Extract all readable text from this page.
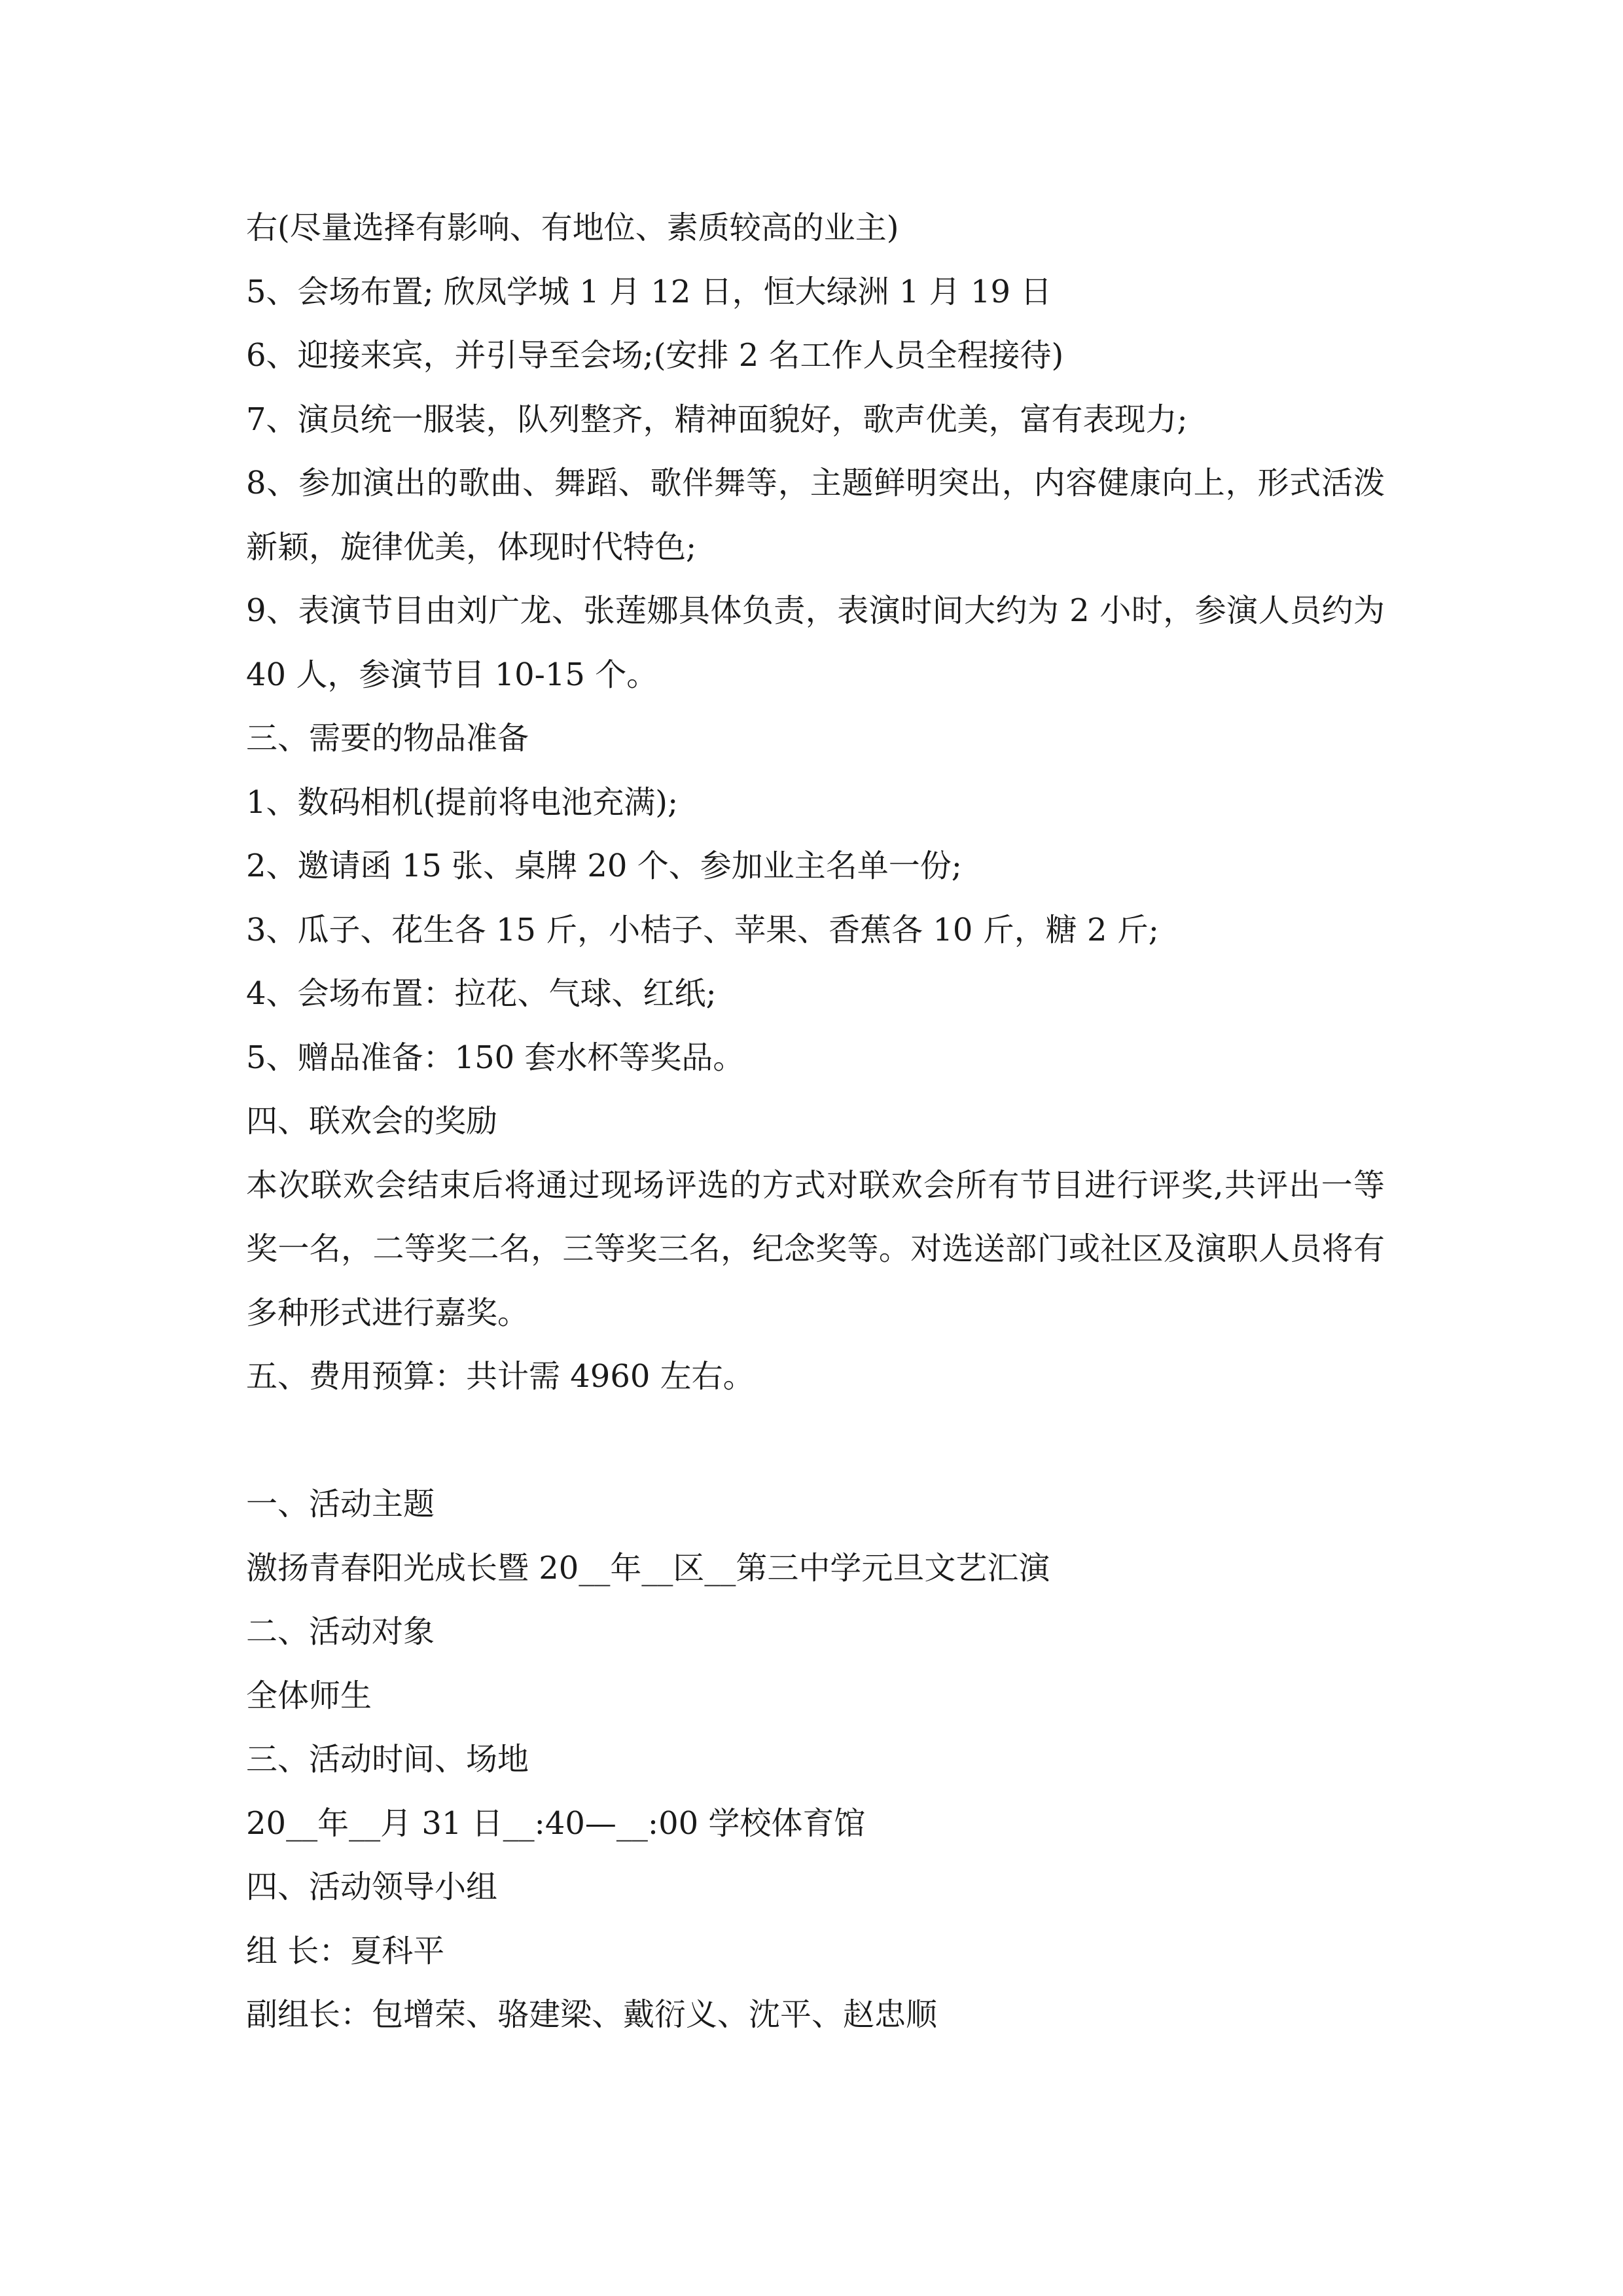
右(尽量选择有影响、有地位、素质较高的业主)

5、会场布置; 欣凤学城 1 月 12 日，恒大绿洲 1 月 19 日

6、迎接来宾，并引导至会场;(安排 2 名工作人员全程接待)

7、演员统一服装，队列整齐，精神面貌好，歌声优美，富有表现力;

8、参加演出的歌曲、舞蹈、歌伴舞等，主题鲜明突出，内容健康向上，形式活泼新颖，旋律优美，体现时代特色;

9、表演节目由刘广龙、张莲娜具体负责，表演时间大约为 2 小时，参演人员约为 40 人，参演节目 10-15 个。

三、需要的物品准备

1、数码相机(提前将电池充满);

2、邀请函 15 张、桌牌 20 个、参加业主名单一份;

3、瓜子、花生各 15 斤，小桔子、苹果、香蕉各 10 斤，糖 2 斤;

4、会场布置：拉花、气球、红纸;

5、赠品准备：150 套水杯等奖品。

四、联欢会的奖励

本次联欢会结束后将通过现场评选的方式对联欢会所有节目进行评奖,共评出一等奖一名，二等奖二名，三等奖三名，纪念奖等。对选送部门或社区及演职人员将有多种形式进行嘉奖。

五、费用预算：共计需 4960 左右。

一、活动主题

激扬青春阳光成长暨 20__年__区__第三中学元旦文艺汇演

二、活动对象

全体师生

三、活动时间、场地

20__年__月 31 日__:40—__:00 学校体育馆

四、活动领导小组

组 长：夏科平

副组长：包增荣、骆建梁、戴衍义、沈平、赵忠顺
